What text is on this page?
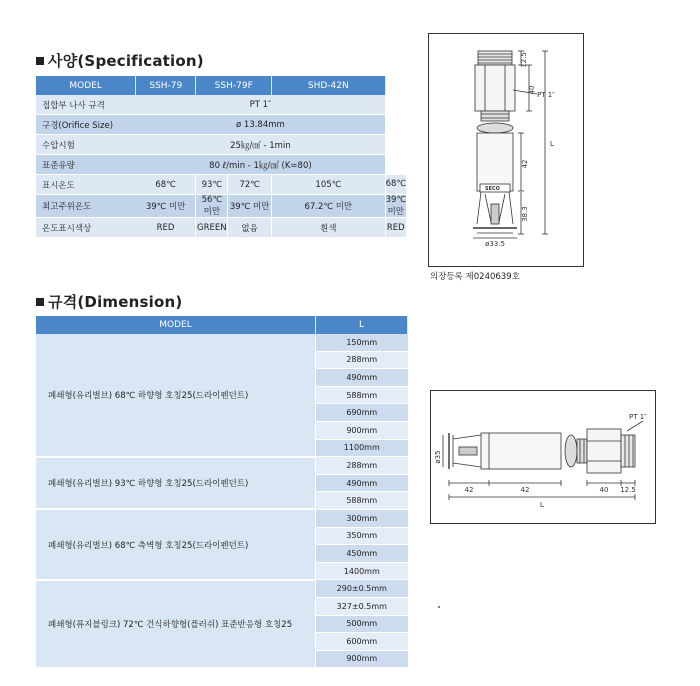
사양(Specification)
MODEL	SSH-79	SSH-79F		SHD-42N	
접합부 나사 규격	PT 1″				
구경(Orifice Size)	ø 13.84mm				
수압시험	25㎏/㎠ - 1min				
표준유량	80 ℓ/min - 1㎏/㎠ (K=80)				
표시온도	68℃	93℃	72℃	105℃	68℃
최고주위온도	39℃ 미만	56℃ 미만	39℃ 미만	67.2℃ 미만	39℃ 미만
온도표시색상	RED	GREEN	없음	흰색	RED
규격(Dimension)
MODEL	L
폐쇄형(유리벌브) 68℃ 하향형 호칭25(드라이펜던트)	150mm
	288mm
	490mm
	588mm
	690mm
	900mm
	1100mm
폐쇄형(유리벌브) 93℃ 하향형 호칭25(드라이펜던트)	288mm
	490mm
	588mm
폐쇄형(유리벌브) 68℃ 측벽형 호칭25(드라이펜던트)	300mm
	350mm
	450mm
	1400mm
폐쇄형(퓨지블링크) 72℃ 건식하향형(플러쉬) 표준반응형 호칭25	290±0.5mm
	327±0.5mm
	500mm
	600mm
	900mm
12.5
40
PT 1″
42
38.3
L
SECO
ø33.5
의장등록 제0240639호
PT 1″
ø35
42	42	40 12.5
L
